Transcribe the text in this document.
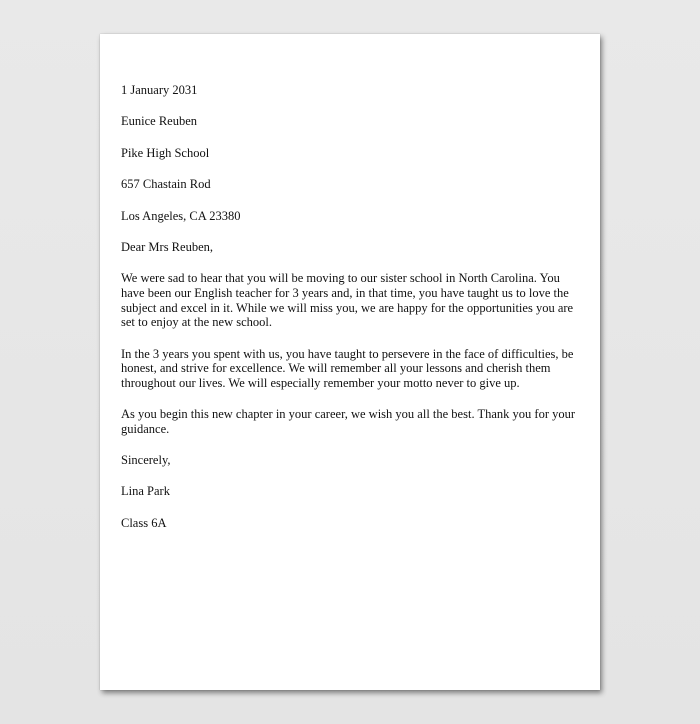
1 January 2031
Eunice Reuben
Pike High School
657 Chastain Rod
Los Angeles, CA 23380
Dear Mrs Reuben,
We were sad to hear that you will be moving to our sister school in North Carolina. You have been our English teacher for 3 years and, in that time, you have taught us to love the subject and excel in it. While we will miss you, we are happy for the opportunities you are set to enjoy at the new school.
In the 3 years you spent with us, you have taught to persevere in the face of difficulties, be honest, and strive for excellence. We will remember all your lessons and cherish them throughout our lives. We will especially remember your motto never to give up.
As you begin this new chapter in your career, we wish you all the best. Thank you for your guidance.
Sincerely,
Lina Park
Class 6A
